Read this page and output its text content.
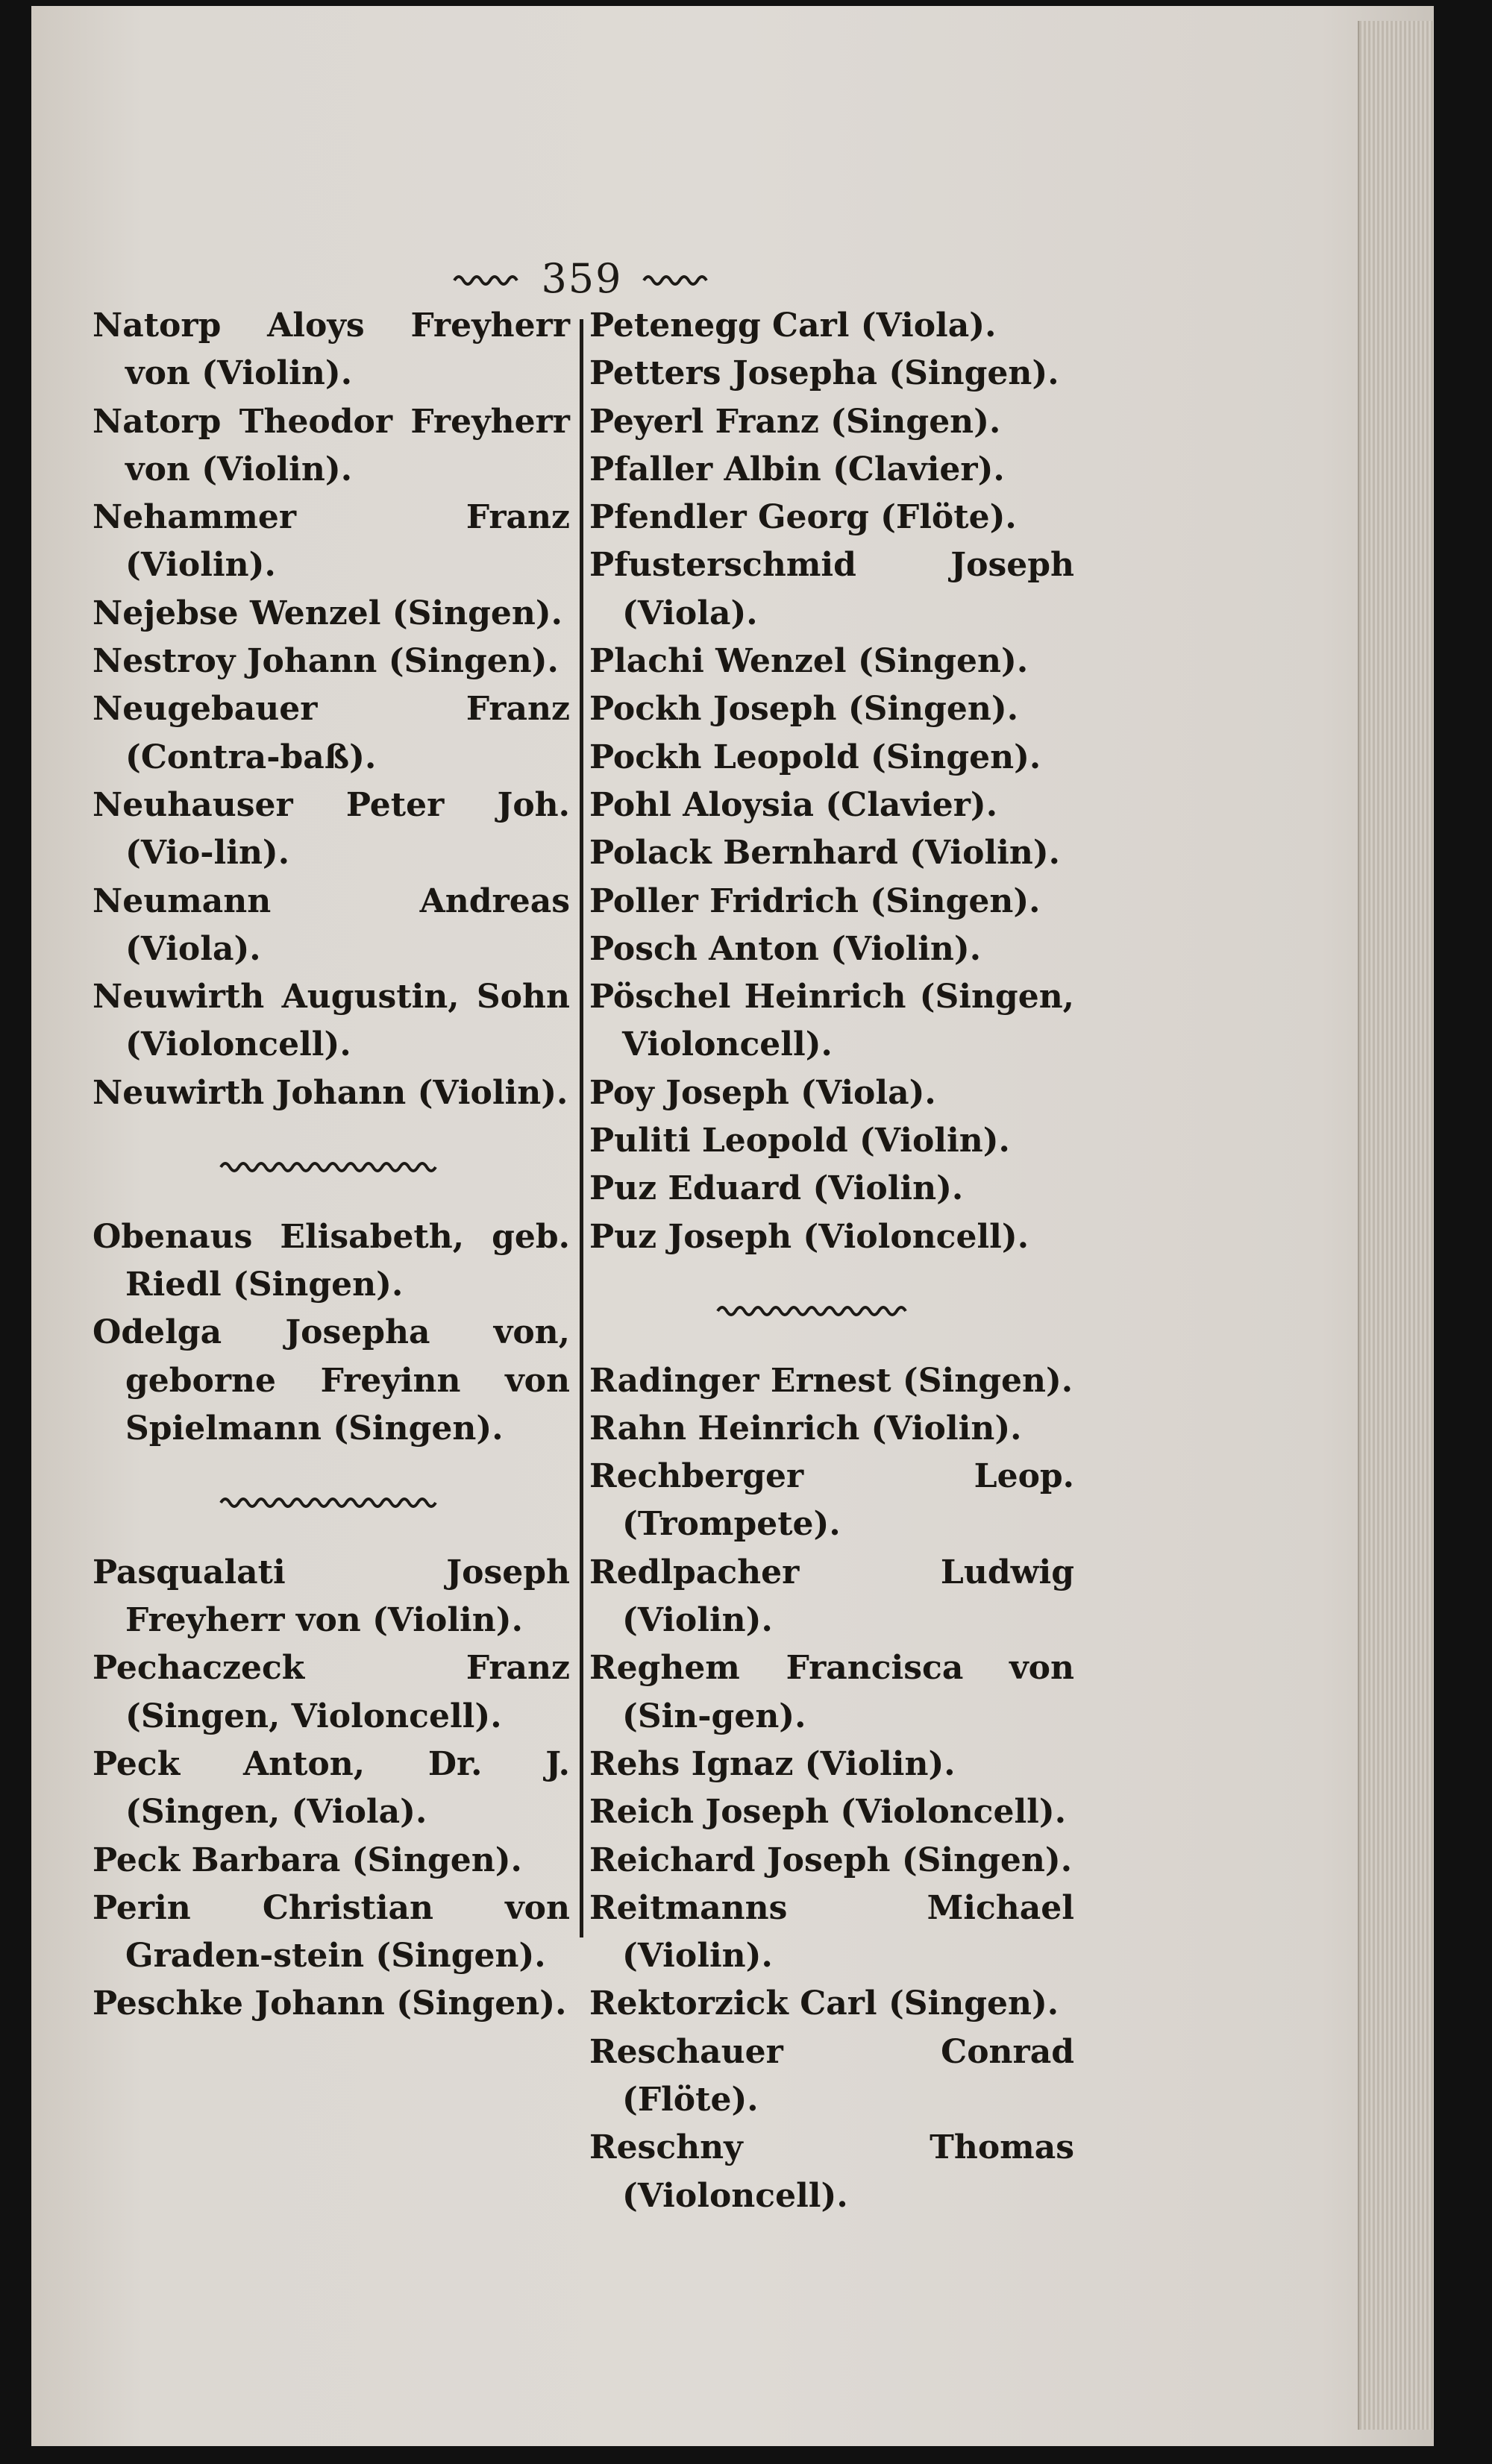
359

Natorp Aloys Freyherr von (Violin).

Natorp Theodor Freyherr von (Violin).

Nehammer Franz (Violin).

Nejebse Wenzel (Singen).

Nestroy Johann (Singen).

Neugebauer Franz (Contra-baß).

Neuhauser Peter Joh. (Vio-lin).

Neumann Andreas (Viola).

Neuwirth Augustin, Sohn (Violoncell).

Neuwirth Johann (Violin).

Obenaus Elisabeth, geb. Riedl (Singen).

Odelga Josepha von, geborne Freyinn von Spielmann (Singen).

Pasqualati Joseph Freyherr von (Violin).

Pechaczeck Franz (Singen, Violoncell).

Peck Anton, Dr. J. (Singen, (Viola).

Peck Barbara (Singen).

Perin Christian von Graden-stein (Singen).

Peschke Johann (Singen).

Petenegg Carl (Viola).

Petters Josepha (Singen).

Peyerl Franz (Singen).

Pfaller Albin (Clavier).

Pfendler Georg (Flöte).

Pfusterschmid Joseph (Viola).

Plachi Wenzel (Singen).

Pockh Joseph (Singen).

Pockh Leopold (Singen).

Pohl Aloysia (Clavier).

Polack Bernhard (Violin).

Poller Fridrich (Singen).

Posch Anton (Violin).

Pöschel Heinrich (Singen, Violoncell).

Poy Joseph (Viola).

Puliti Leopold (Violin).

Puz Eduard (Violin).

Puz Joseph (Violoncell).

Radinger Ernest (Singen).

Rahn Heinrich (Violin).

Rechberger Leop. (Trompete).

Redlpacher Ludwig (Violin).

Reghem Francisca von (Sin-gen).

Rehs Ignaz (Violin).

Reich Joseph (Violoncell).

Reichard Joseph (Singen).

Reitmanns Michael (Violin).

Rektorzick Carl (Singen).

Reschauer Conrad (Flöte).

Reschny Thomas (Violoncell).
